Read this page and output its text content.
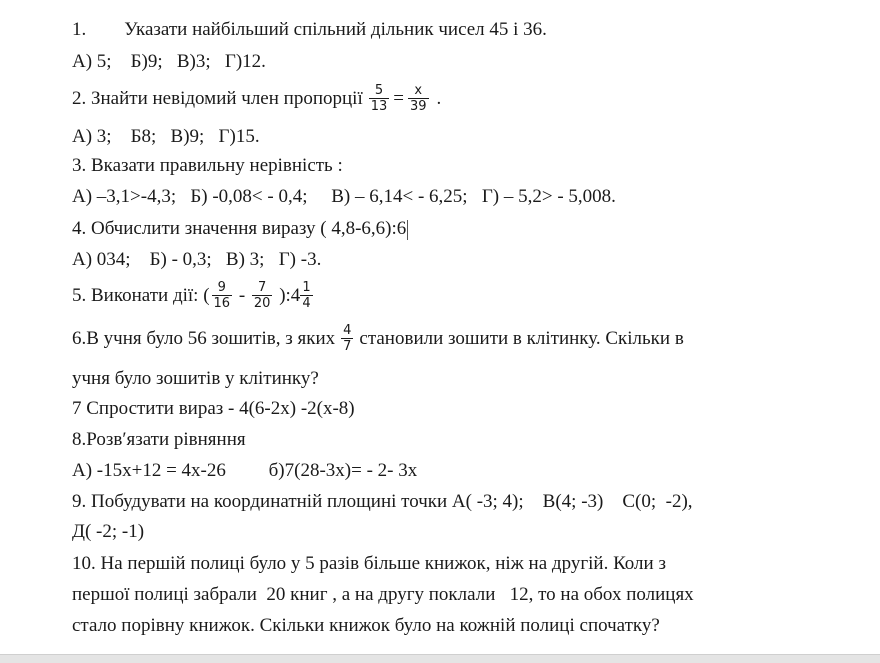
1. Указати найбільший спільний дільник чисел 45 і 36.
А) 5;    Б)9;   В)3;   Г)12.
2. Знайти невідомий член пропорції $\frac{5}{13} = \frac{x}{39}$ .
А) 3;    Б8;   В)9;   Г)15.
3. Вказати правильну нерівність :
А) –3,1>-4,3;   Б) -0,08< - 0,4;     В) – 6,14< - 6,25;   Г) – 5,2> - 5,008.
4. Обчислити значення виразу ( 4,8-6,6):6
А) 034;    Б) - 0,3;   В) 3;   Г) -3.
5. Виконати дії: ( $\frac{9}{16} - \frac{7}{20}$ ):4 $\frac{1}{4}$
6.В учня було 56 зошитів, з яких $\frac{4}{7}$ становили зошити в клітинку. Скільки в
учня було зошитів у клітинку?
7 Спростити вираз - 4(6-2х) -2(х-8)
8.Розв′язати рівняння
А) -15х+12 = 4х-26         б)7(28-3х)= - 2- 3х
9. Побудувати на координатній площині точки А( -3; 4);    В(4; -3)    С(0;  -2),
Д( -2; -1)
10. На першій полиці було у 5 разів більше книжок, ніж на другій. Коли з
першої полиці забрали  20 книг , а на другу поклали   12, то на обох полицях
стало порівну книжок. Скільки книжок було на кожній полиці спочатку?
